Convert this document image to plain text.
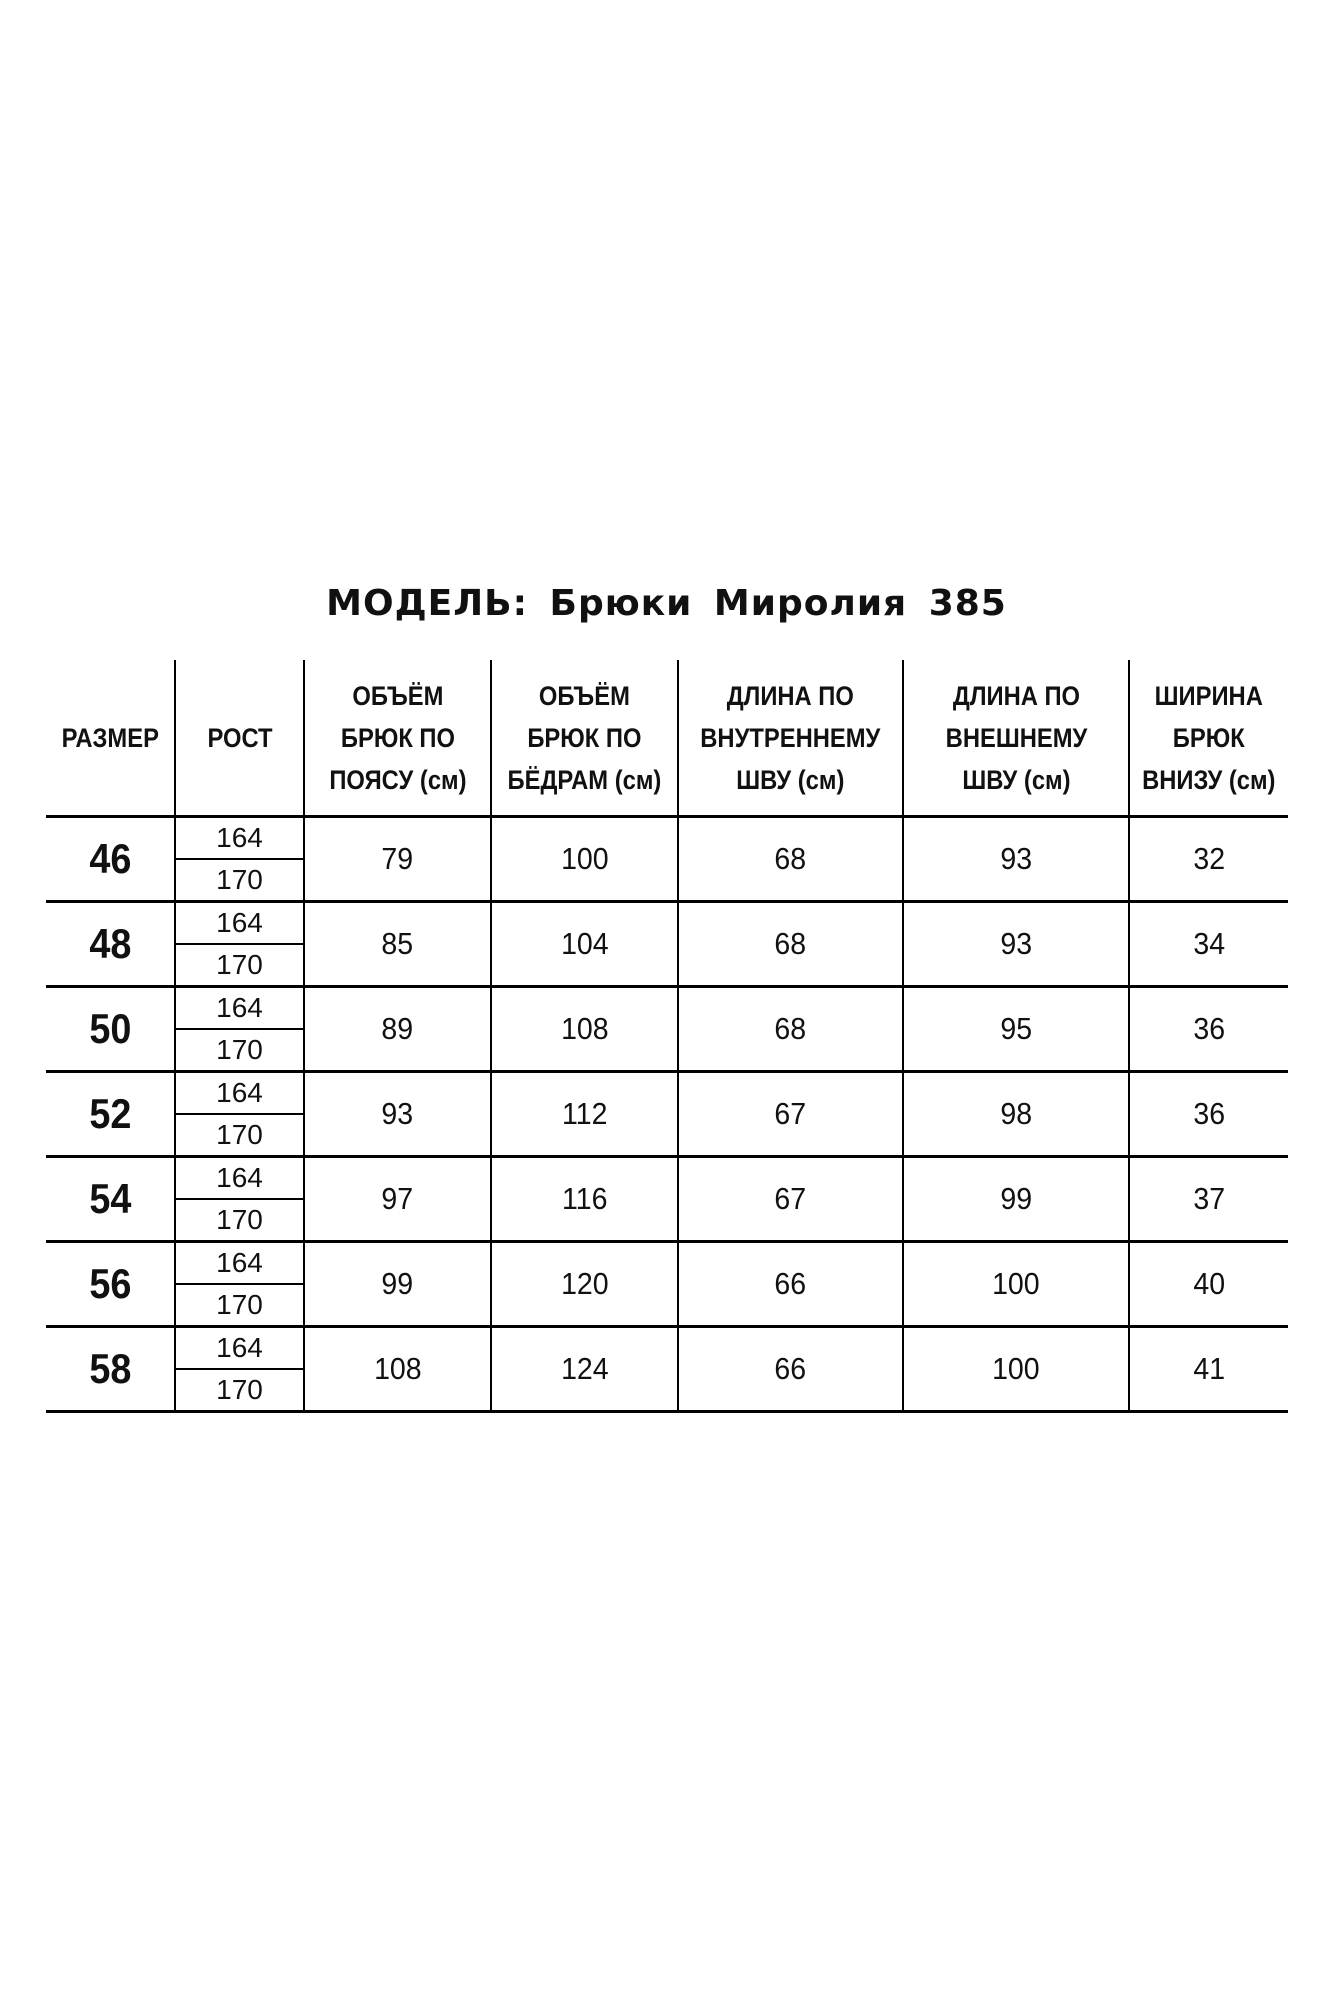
МОДЕЛЬ: Брюки Миролия 385
РАЗМЕР	РОСТ	ОБЪЁМ
БРЮК ПО
ПОЯСУ (см)	ОБЪЁМ
БРЮК ПО
БЁДРАМ (см)	ДЛИНА ПО
ВНУТРЕННЕМУ
ШВУ (см)	ДЛИНА ПО
ВНЕШНЕМУ
ШВУ (см)	ШИРИНА
БРЮК
ВНИЗУ (см)
46	164	79	100	68	93	32
	170					
48	164	85	104	68	93	34
	170					
50	164	89	108	68	95	36
	170					
52	164	93	112	67	98	36
	170					
54	164	97	116	67	99	37
	170					
56	164	99	120	66	100	40
	170					
58	164	108	124	66	100	41
	170					
